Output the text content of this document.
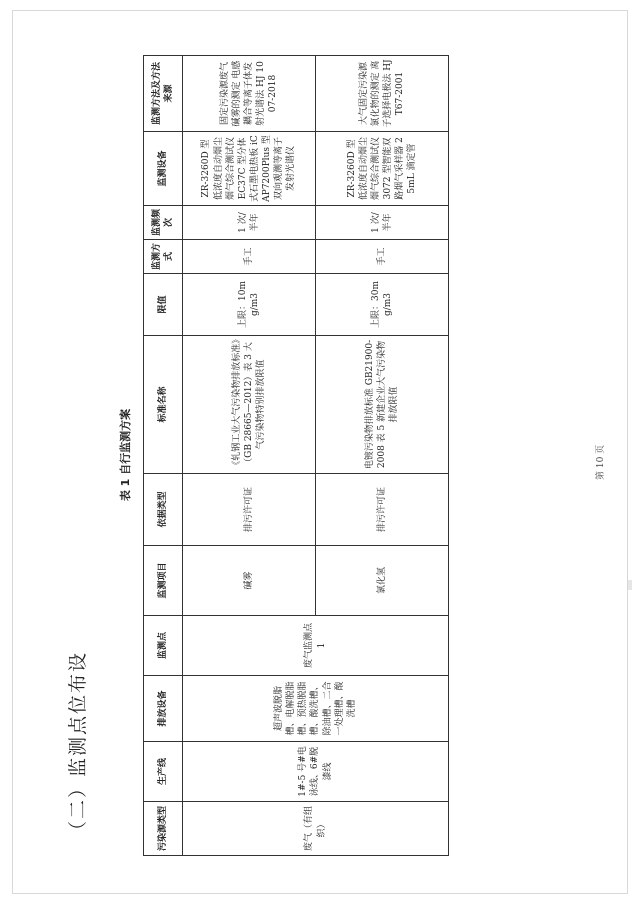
（二）监测点位布设
表 1 自行监测方案
污染源类型	生产线	排放设备	监测点	监测项目	依据类型	标准名称	限值	监测方式	监测频次	监测设备	监测方法及方法来源
废气（有组织）	1#-5 号#电泳线、6#脱漆线	超声波脱脂槽、电解脱脂槽、预热脱脂槽、酸洗槽、除油槽、二合一处理槽、酸洗槽	废气监测点 1	碱雾	排污许可证	《轧钢工业大气污染物排放标准》（GB 28665—2012）表 3 大气污染物特别排放限值	上限：10mg/m3	手工	1 次/半年	ZR-3260D 型低浓度自动烟尘烟气综合测试仪 EC37C 型分体式石墨电热板 iCAP7200Plus 型双向观测等离子发射光谱仪	固定污染源废气 碱雾的测定 电感耦合等离子体发射光谱法 HJ 1007-2018
				氯化氢	排污许可证	电镀污染物排放标准 GB21900-2008 表 5 新建企业大气污染物排放限值	上限：30mg/m3	手工	1 次/半年	ZR-3260D 型低浓度自动烟尘烟气综合测试仪 3072 型智能双路烟气采样器 25mL 滴定管	大气固定污染源 氯化物的测定 离子选择电极法 HJT67-2001
第 10 页
